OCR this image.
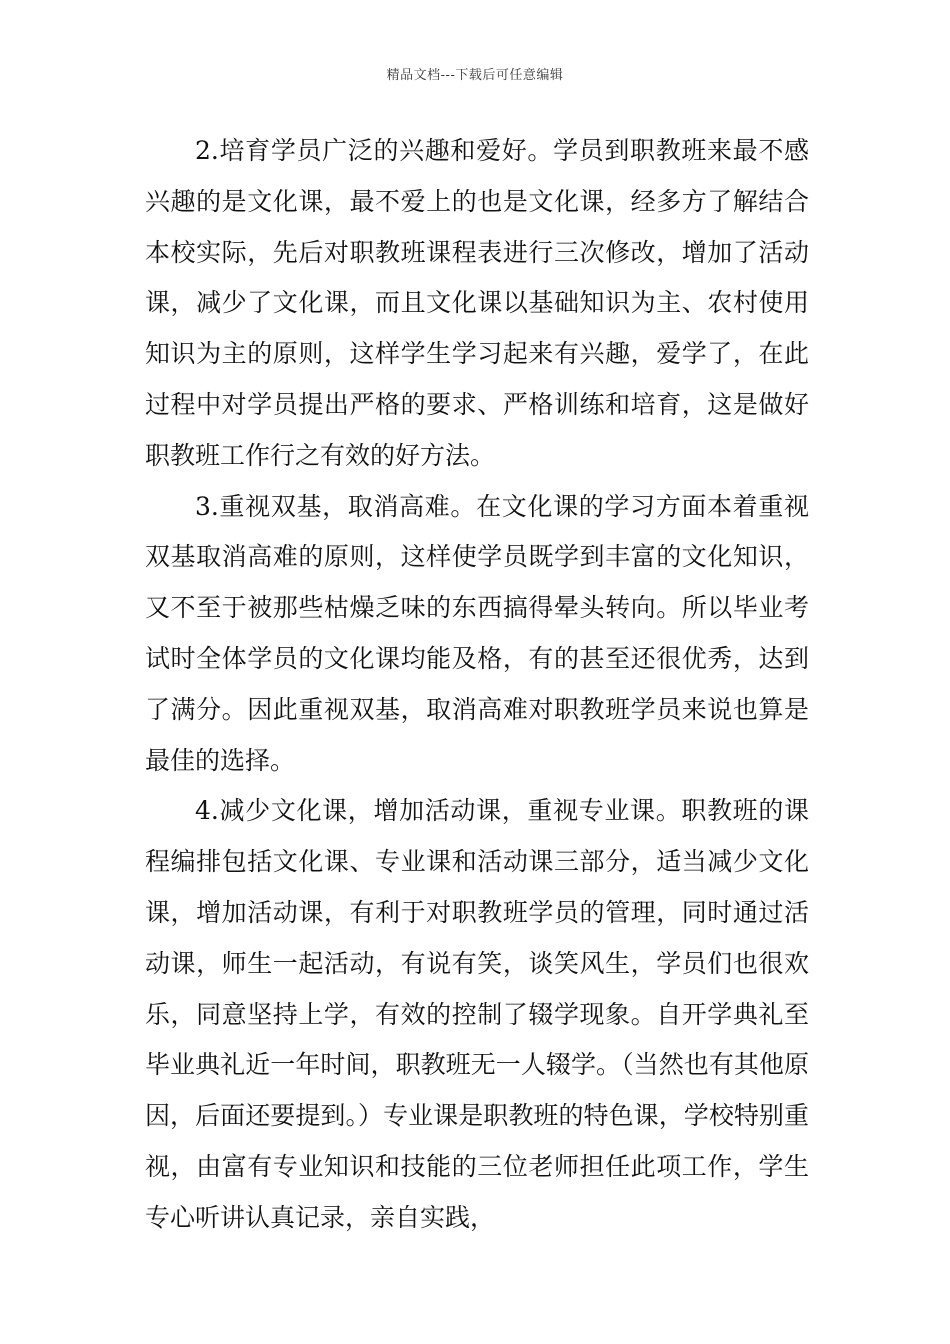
精品文档---下载后可任意编辑

2.培育学员广泛的兴趣和爱好。学员到职教班来最不感兴趣的是文化课，最不爱上的也是文化课，经多方了解结合本校实际，先后对职教班课程表进行三次修改，增加了活动课，减少了文化课，而且文化课以基础知识为主、农村使用知识为主的原则，这样学生学习起来有兴趣，爱学了，在此过程中对学员提出严格的要求、严格训练和培育，这是做好职教班工作行之有效的好方法。

3.重视双基，取消高难。在文化课的学习方面本着重视双基取消高难的原则，这样使学员既学到丰富的文化知识，又不至于被那些枯燥乏味的东西搞得晕头转向。所以毕业考试时全体学员的文化课均能及格，有的甚至还很优秀，达到了满分。因此重视双基，取消高难对职教班学员来说也算是最佳的选择。

4.减少文化课，增加活动课，重视专业课。职教班的课程编排包括文化课、专业课和活动课三部分，适当减少文化课，增加活动课，有利于对职教班学员的管理，同时通过活动课，师生一起活动，有说有笑，谈笑风生，学员们也很欢乐，同意坚持上学，有效的控制了辍学现象。自开学典礼至毕业典礼近一年时间，职教班无一人辍学。（当然也有其他原因，后面还要提到。）专业课是职教班的特色课，学校特别重视，由富有专业知识和技能的三位老师担任此项工作，学生专心听讲认真记录，亲自实践，
